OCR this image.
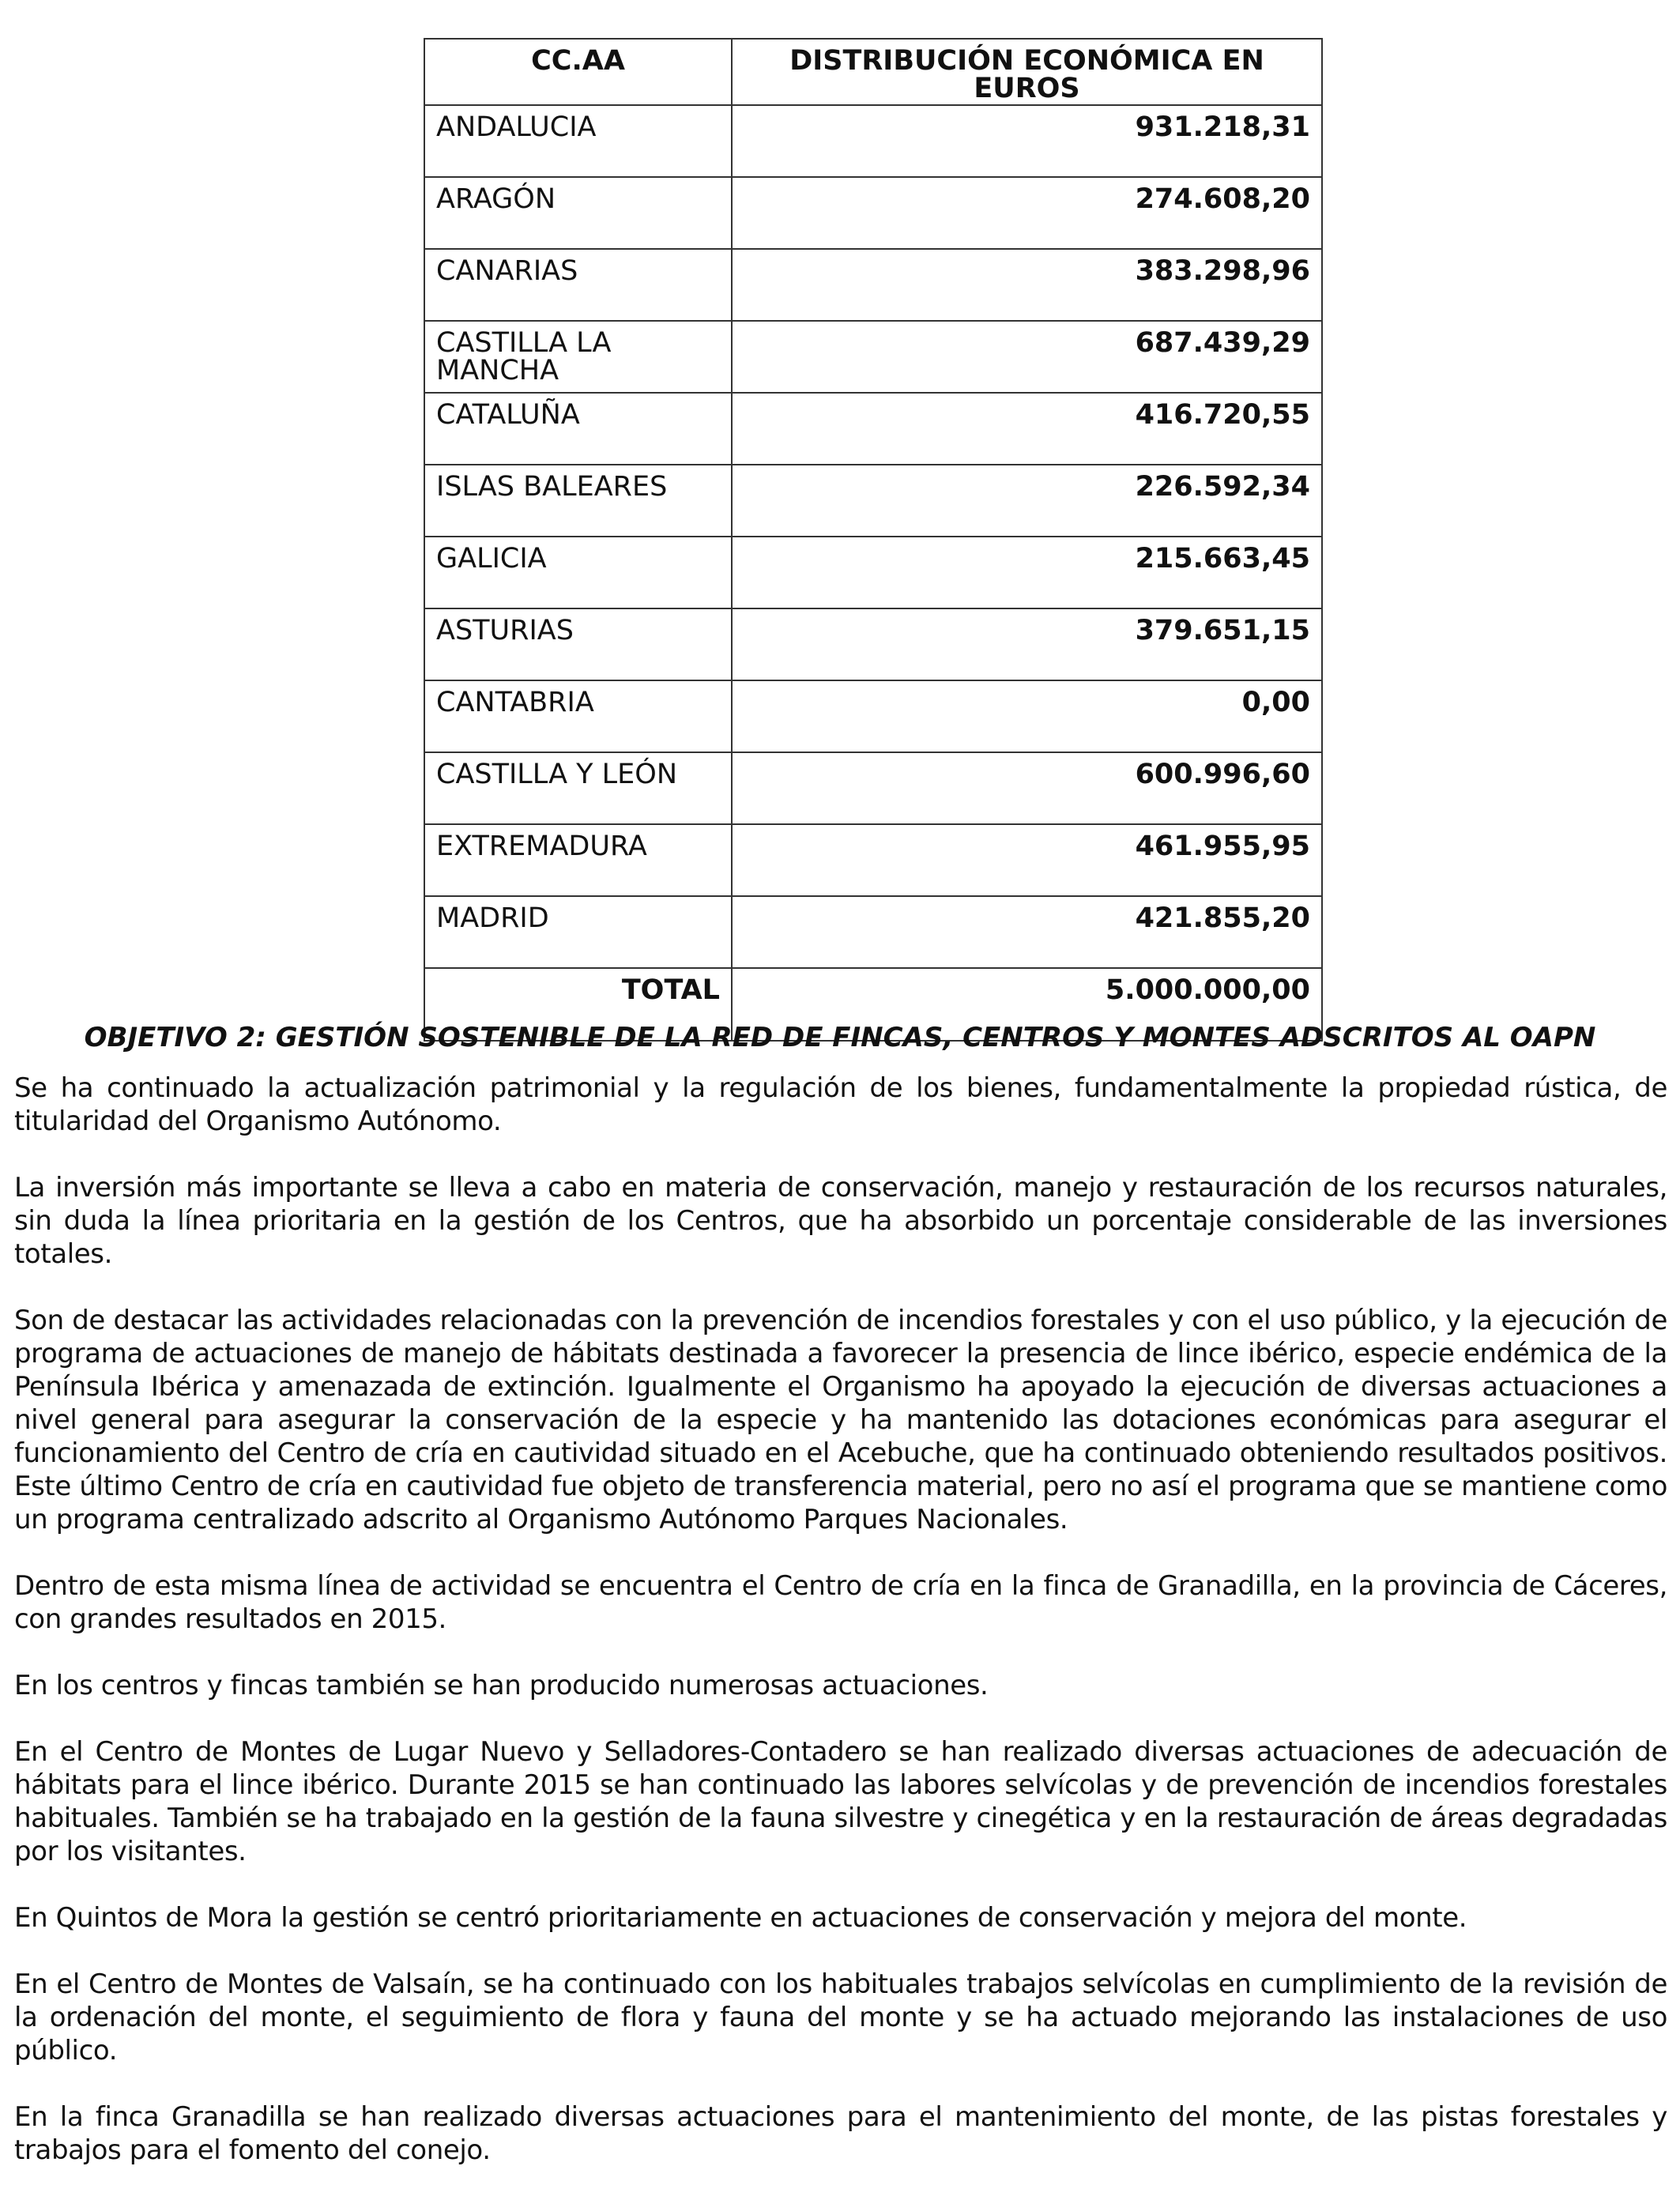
CC.AA	DISTRIBUCIÓN ECONÓMICA EN EUROS
ANDALUCIA	931.218,31
ARAGÓN	274.608,20
CANARIAS	383.298,96
CASTILLA LA MANCHA	687.439,29
CATALUÑA	416.720,55
ISLAS BALEARES	226.592,34
GALICIA	215.663,45
ASTURIAS	379.651,15
CANTABRIA	0,00
CASTILLA Y LEÓN	600.996,60
EXTREMADURA	461.955,95
MADRID	421.855,20
TOTAL	5.000.000,00
OBJETIVO 2: GESTIÓN SOSTENIBLE DE LA RED DE FINCAS, CENTROS Y MONTES ADSCRITOS AL OAPN

Se ha continuado la actualización patrimonial y la regulación de los bienes, fundamentalmente la propiedad rústica, de titularidad del Organismo Autónomo.

La inversión más importante se lleva a cabo en materia de conservación, manejo y restauración de los recursos naturales, sin duda la línea prioritaria en la gestión de los Centros, que ha absorbido un porcentaje considerable de las inversiones totales.

Son de destacar las actividades relacionadas con la prevención de incendios forestales y con el uso público, y la ejecución de programa de actuaciones de manejo de hábitats destinada a favorecer la presencia de lince ibérico, especie endémica de la Península Ibérica y amenazada de extinción. Igualmente el Organismo ha apoyado la ejecución de diversas actuaciones a nivel general para asegurar la conservación de la especie y ha mantenido las dotaciones económicas para asegurar el funcionamiento del Centro de cría en cautividad situado en el Acebuche, que ha continuado obteniendo resultados positivos. Este último Centro de cría en cautividad fue objeto de transferencia material, pero no así el programa que se mantiene como un programa centralizado adscrito al Organismo Autónomo Parques Nacionales.

Dentro de esta misma línea de actividad se encuentra el Centro de cría en la finca de Granadilla, en la provincia de Cáceres, con grandes resultados en 2015.

En los centros y fincas también se han producido numerosas actuaciones.

En el Centro de Montes de Lugar Nuevo y Selladores-Contadero se han realizado diversas actuaciones de adecuación de hábitats para el lince ibérico. Durante 2015 se han continuado las labores selvícolas y de prevención de incendios forestales habituales. También se ha trabajado en la gestión de la fauna silvestre y cinegética y en la restauración de áreas degradadas por los visitantes.

En Quintos de Mora la gestión se centró prioritariamente en actuaciones de conservación y mejora del monte.

En el Centro de Montes de Valsaín, se ha continuado con los habituales trabajos selvícolas en cumplimiento de la revisión de la ordenación del monte, el seguimiento de flora y fauna del monte y se ha actuado mejorando las instalaciones de uso público.

En la finca Granadilla se han realizado diversas actuaciones para el mantenimiento del monte, de las pistas forestales y trabajos para el fomento del conejo.
